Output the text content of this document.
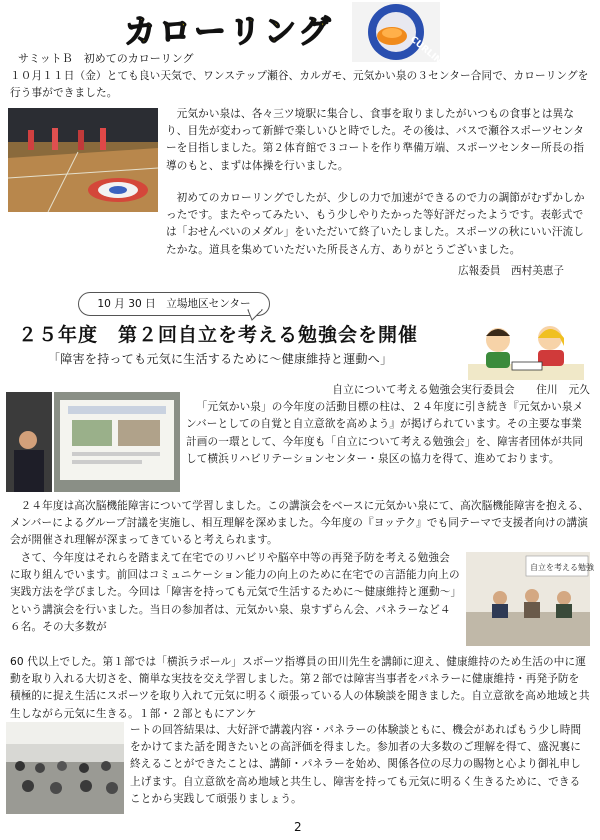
カローリング
CURLING
サミットＢ　初めてのカローリング

１０月１１日（金）とても良い天気で、ワンステップ瀬谷、カルガモ、元気かい泉の３センター合同で、カローリングを行う事ができました。

元気かい泉は、各々三ツ境駅に集合し、食事を取りましたがいつもの食事とは異なり、目先が変わって新鮮で楽しいひと時でした。その後は、バスで瀬谷スポーツセンターを目指しました。第２体育館で３コートを作り準備万端、スポーツセンター所長の指導のもと、まずは体操を行いました。

初めてのカローリングでしたが、少しの力で加速ができるので力の調節がむずかしかったです。またやってみたい、もう少しやりたかった等好評だったようです。表彰式では「おせんべいのメダル」をいただいて終了いたしました。スポーツの秋にいい汗流したかな。道具を集めていただいた所長さん方、ありがとうございました。

広報委員　西村美恵子
10 月 30 日　立場地区センター
２５年度　第２回自立を考える勉強会を開催
「障害を持っても元気に生活するために～健康維持と運動へ」

自立について考える勉強会実行委員会　　住川　元久

「元気かい泉」の今年度の活動目標の柱は、２４年度に引き続き『元気かい泉メンバーとしての自覚と自立意欲を高めよう』が掲げられています。その主要な事業計画の一環として、今年度も「自立について考える勉強会」を、障害者団体が共同して横浜リハビリテーションセンター・泉区の協力を得て、進めております。

２４年度は高次脳機能障害について学習しました。この講演会をベースに元気かい泉にて、高次脳機能障害を抱える、メンバーによるグループ討議を実施し、相互理解を深めました。今年度の『ヨッテク』でも同テーマで支援者向けの講演会が開催され理解が深まってきていると考えられます。

さて、今年度はそれらを踏まえて在宅でのリハビリや脳卒中等の再発予防を考える勉強会に取り組んでいます。前回はコミュニケーション能力の向上のために在宅での言語能力向上の実践方法を学びました。今回は「障害を持っても元気で生活するために～健康維持と運動～」という講演会を行いました。当日の参加者は、元気かい泉、泉すずらん会、パネラーなど４６名。その大多数が

自立を考える勉強

60 代以上でした。第１部では「横浜ラポール」スポーツ指導員の田川先生を講師に迎え、健康維持のため生活の中に運動を取り入れる大切さを、簡単な実技を交え学習しました。第２部では障害当事者をパネラーに健康維持・再発予防を積極的に捉え生活にスポーツを取り入れて元気に明るく頑張っている人の体験談を聞きました。自立意欲を高め地域と共生しながら元気に生きる。１部・２部ともにアンケ

ートの回答結果は、大好評で講義内容・パネラーの体験談ともに、機会があればもう少し時間をかけてまた話を聞きたいとの高評価を得ました。参加者の大多数のご理解を得て、盛況裏に終えることができたことは、講師・パネラーを始め、関係各位の尽力の賜物と心より御礼申し上げます。自立意欲を高め地域と共生し、障害を持っても元気に明るく生きるために、できることから実践して頑張りましょう。

2
